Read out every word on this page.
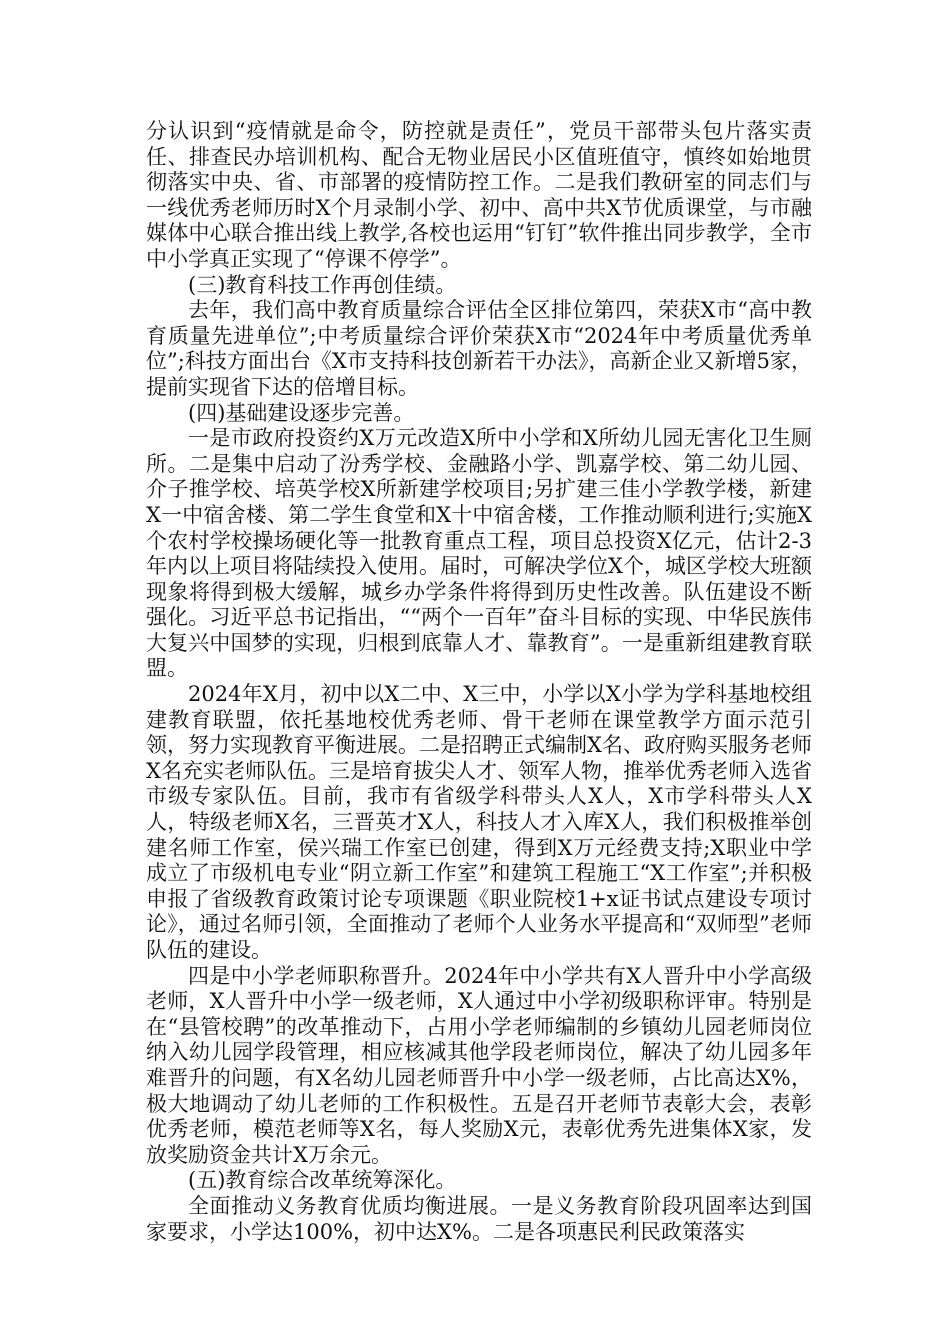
分认识到“疫情就是命令，防控就是责任”，党员干部带头包片落实责任、排查民办培训机构、配合无物业居民小区值班值守，慎终如始地贯彻落实中央、省、市部署的疫情防控工作。二是我们教研室的同志们与一线优秀老师历时X个月录制小学、初中、高中共X节优质课堂，与市融媒体中心联合推出线上教学,各校也运用“钉钉”软件推出同步教学，全市中小学真正实现了“停课不停学”。

(三)教育科技工作再创佳绩。

去年，我们高中教育质量综合评估全区排位第四，荣获X市“高中教育质量先进单位”;中考质量综合评价荣获X市“2024年中考质量优秀单位”;科技方面出台《X市支持科技创新若干办法》，高新企业又新增5家，提前实现省下达的倍增目标。

(四)基础建设逐步完善。

一是市政府投资约X万元改造X所中小学和X所幼儿园无害化卫生厕所。二是集中启动了汾秀学校、金融路小学、凯嘉学校、第二幼儿园、介子推学校、培英学校X所新建学校项目;另扩建三佳小学教学楼，新建X一中宿舍楼、第二学生食堂和X十中宿舍楼，工作推动顺利进行;实施X个农村学校操场硬化等一批教育重点工程，项目总投资X亿元，估计2-3年内以上项目将陆续投入使用。届时，可解决学位X个，城区学校大班额现象将得到极大缓解，城乡办学条件将得到历史性改善。队伍建设不断强化。习近平总书记指出，““两个一百年”奋斗目标的实现、中华民族伟大复兴中国梦的实现，归根到底靠人才、靠教育”。一是重新组建教育联盟。

2024年X月，初中以X二中、X三中，小学以X小学为学科基地校组建教育联盟，依托基地校优秀老师、骨干老师在课堂教学方面示范引领，努力实现教育平衡进展。二是招聘正式编制X名、政府购买服务老师X名充实老师队伍。三是培育拔尖人才、领军人物，推举优秀老师入选省市级专家队伍。目前，我市有省级学科带头人X人，X市学科带头人X人，特级老师X名，三晋英才X人，科技人才入库X人，我们积极推举创建名师工作室，侯兴瑞工作室已创建，得到X万元经费支持;X职业中学成立了市级机电专业“阴立新工作室”和建筑工程施工“X工作室”;并积极申报了省级教育政策讨论专项课题《职业院校1+x证书试点建设专项讨论》，通过名师引领，全面推动了老师个人业务水平提高和“双师型”老师队伍的建设。

四是中小学老师职称晋升。2024年中小学共有X人晋升中小学高级老师，X人晋升中小学一级老师，X人通过中小学初级职称评审。特别是在“县管校聘”的改革推动下，占用小学老师编制的乡镇幼儿园老师岗位纳入幼儿园学段管理，相应核减其他学段老师岗位，解决了幼儿园多年难晋升的问题，有X名幼儿园老师晋升中小学一级老师，占比高达X%，极大地调动了幼儿老师的工作积极性。五是召开老师节表彰大会，表彰优秀老师，模范老师等X名，每人奖励X元，表彰优秀先进集体X家，发放奖励资金共计X万余元。

(五)教育综合改革统筹深化。

全面推动义务教育优质均衡进展。一是义务教育阶段巩固率达到国家要求，小学达100%，初中达X%。二是各项惠民利民政策落实
